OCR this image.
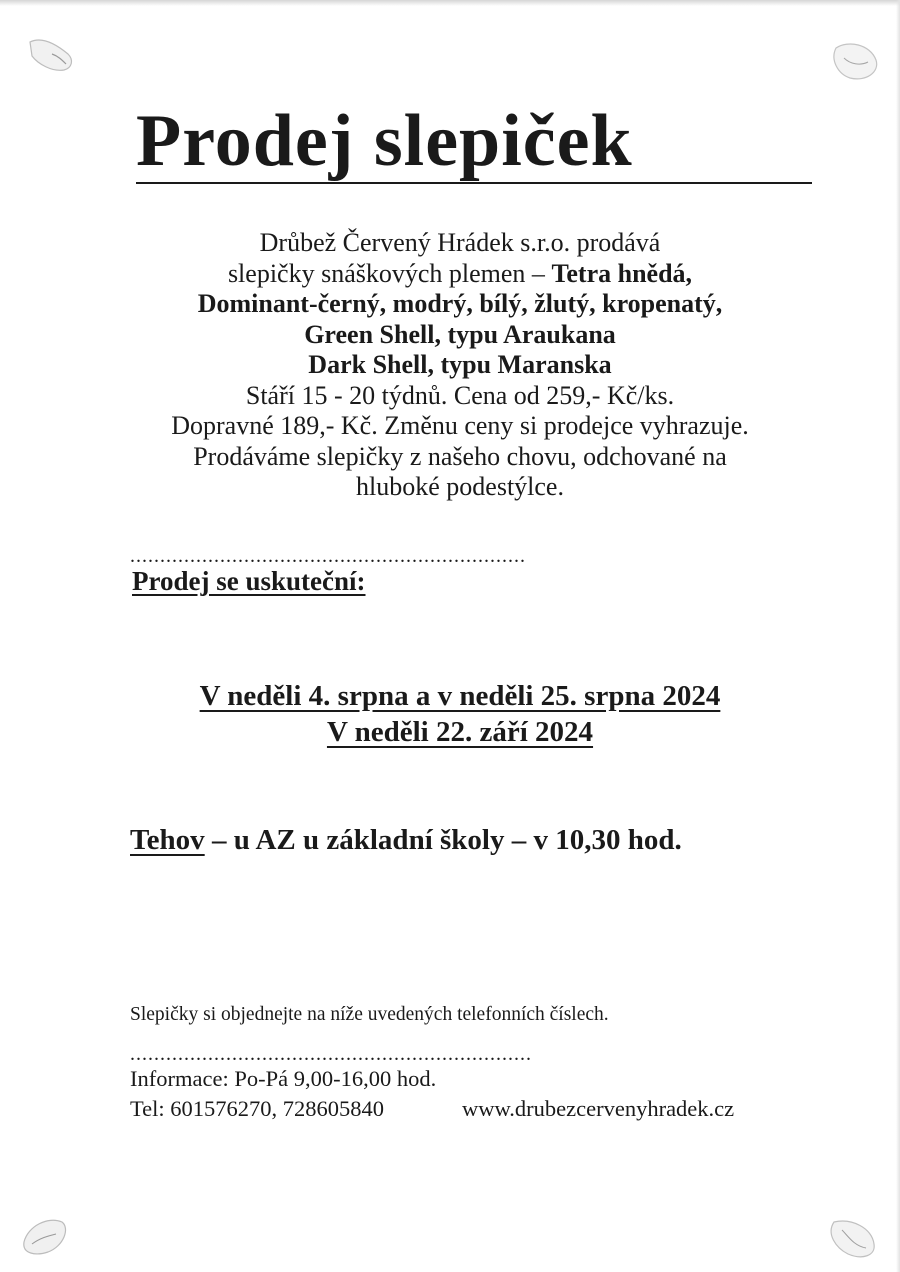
Prodej slepiček
Drůbež Červený Hrádek s.r.o. prodává
slepičky snáškových plemen – Tetra hnědá,
Dominant-černý, modrý, bílý, žlutý, kropenatý,
Green Shell, typu Araukana
Dark Shell, typu Maranska
Stáří 15 - 20 týdnů. Cena od 259,- Kč/ks.
Dopravné 189,- Kč. Změnu ceny si prodejce vyhrazuje.
Prodáváme slepičky z našeho chovu, odchované na
hluboké podestýlce.
..................................................................
Prodej se uskuteční:
V neděli 4. srpna a v neděli 25. srpna 2024
V neděli 22. září 2024
Tehov – u AZ u základní školy – v 10,30 hod.
Slepičky si objednejte na níže uvedených telefonních číslech.
...................................................................
Informace: Po-Pá 9,00-16,00 hod.
Tel: 601576270, 728605840	www.drubezcervenyhradek.cz
